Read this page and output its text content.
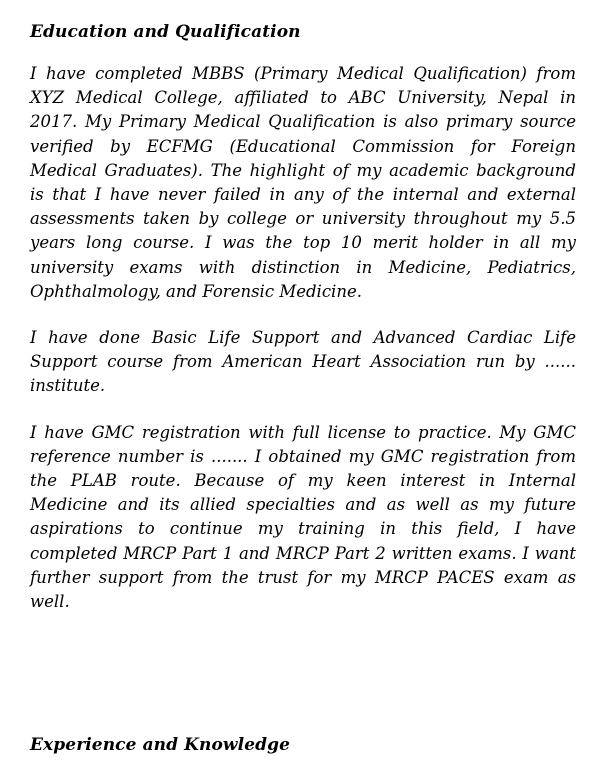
Education and Qualification

I have completed MBBS (Primary Medical Qualification) from XYZ Medical College, affiliated to ABC University, Nepal in 2017. My Primary Medical Qualification is also primary source verified by ECFMG (Educational Commission for Foreign Medical Graduates). The highlight of my academic background is that I have never failed in any of the internal and external assessments taken by college or university throughout my 5.5 years long course. I was the top 10 merit holder in all my university exams with distinction in Medicine, Pediatrics, Ophthalmology, and Forensic Medicine.

I have done Basic Life Support and Advanced Cardiac Life Support course from American Heart Association run by ...... institute.

I have GMC registration with full license to practice. My GMC reference number is ....... I obtained my GMC registration from the PLAB route. Because of my keen interest in Internal Medicine and its allied specialties and as well as my future aspirations to continue my training in this field, I have completed MRCP Part 1 and MRCP Part 2 written exams. I want further support from the trust for my MRCP PACES exam as well.

Experience and Knowledge
